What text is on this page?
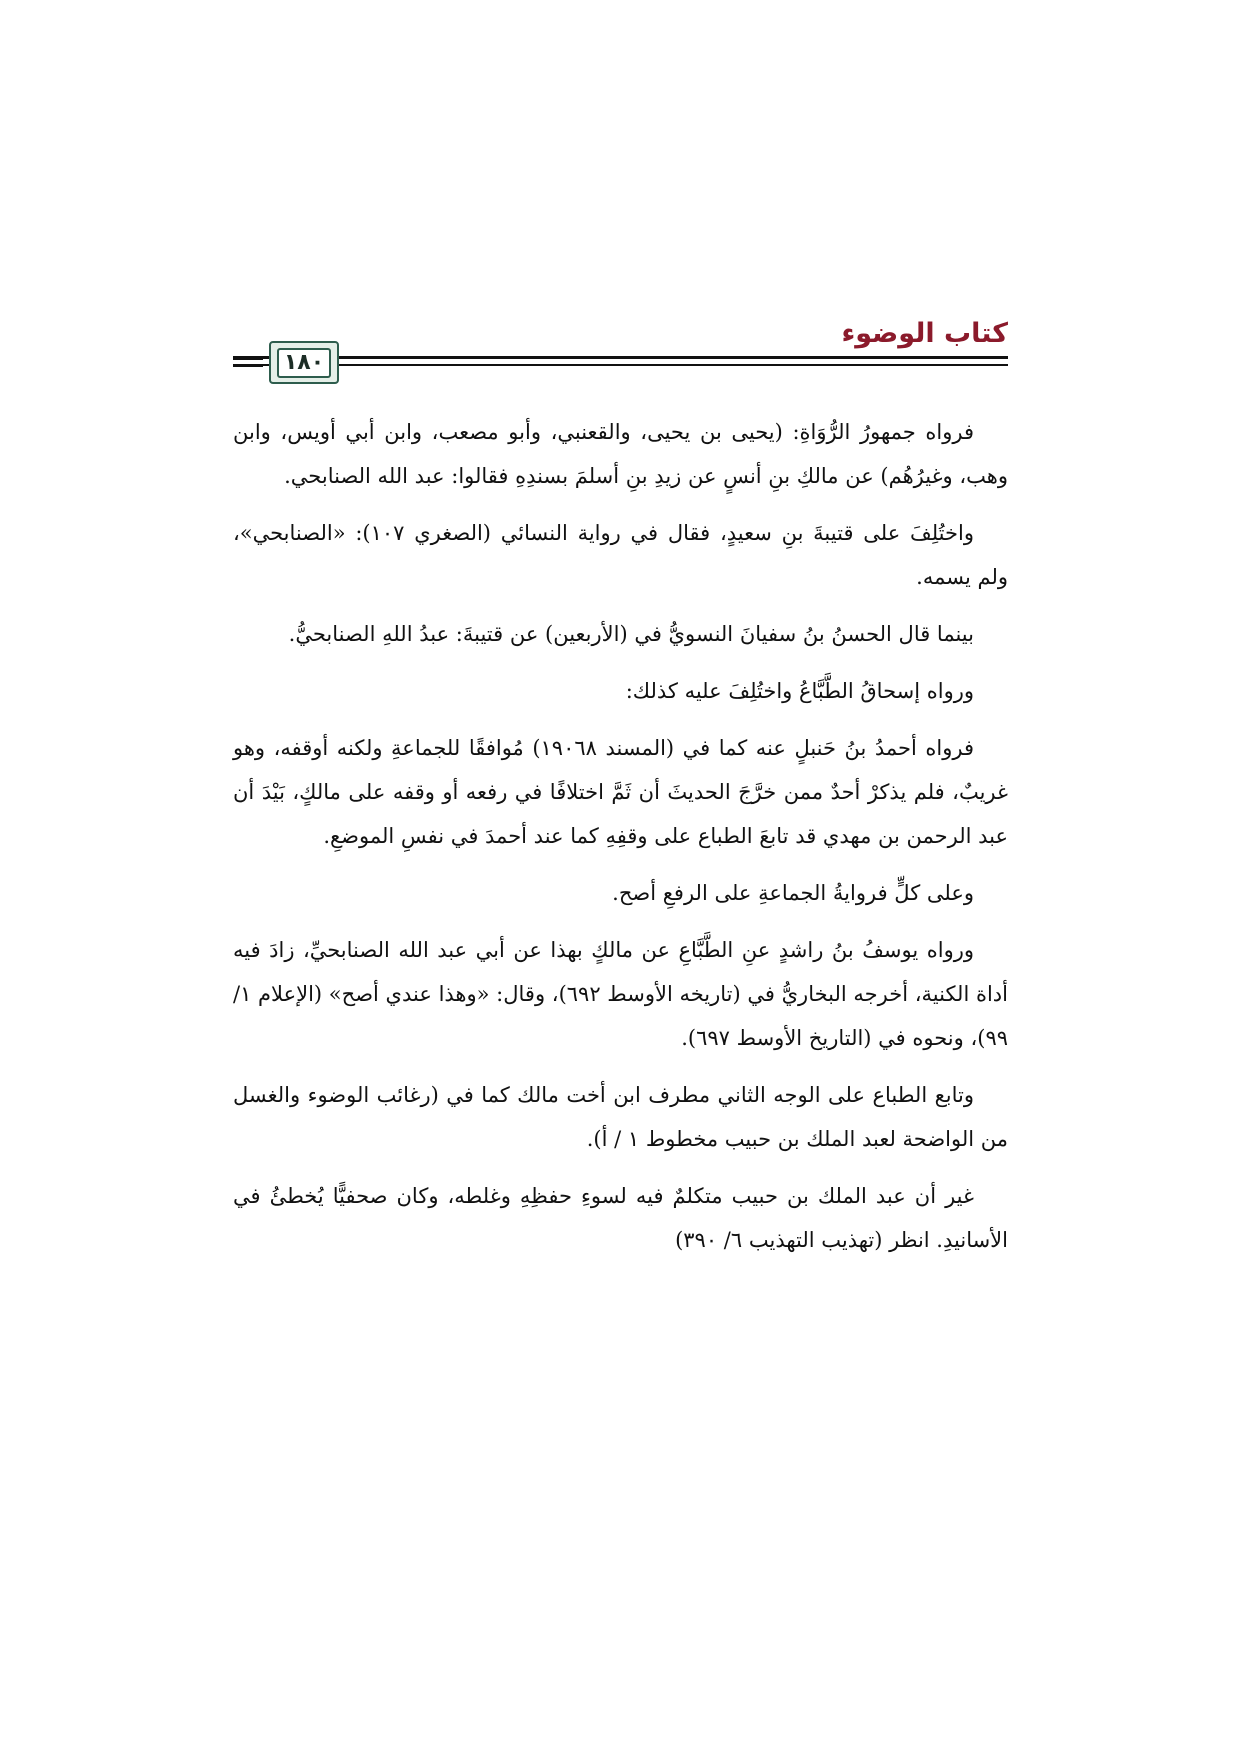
كتاب الوضوء
١٨٠

فرواه جمهورُ الرُّوَاةِ: (يحيى بن يحيى، والقعنبي، وأبو مصعب، وابن أبي أويس، وابن وهب، وغيرُهُم) عن مالكِ بنِ أنسٍ عن زيدِ بنِ أسلمَ بسندِهِ فقالوا: عبد الله الصنابحي.

واختُلِفَ على قتيبةَ بنِ سعيدٍ، فقال في رواية النسائي (الصغري ١٠٧): «الصنابحي»، ولم يسمه.

بينما قال الحسنُ بنُ سفيانَ النسويُّ في (الأربعين) عن قتيبةَ: عبدُ اللهِ الصنابحيُّ.

ورواه إسحاقُ الطَّبَّاعُ واختُلِفَ عليه كذلك:

فرواه أحمدُ بنُ حَنبلٍ عنه كما في (المسند ١٩٠٦٨) مُوافقًا للجماعةِ ولكنه أوقفه، وهو غريبٌ، فلم يذكرْ أحدٌ ممن خرَّجَ الحديثَ أن ثَمَّ اختلافًا في رفعه أو وقفه على مالكٍ، بَيْدَ أن عبد الرحمن بن مهدي قد تابعَ الطباع على وقفِهِ كما عند أحمدَ في نفسِ الموضعِ.

وعلى كلٍّ فروايةُ الجماعةِ على الرفعِ أصح.

ورواه يوسفُ بنُ راشدٍ عنِ الطَّبَّاعِ عن مالكٍ بهذا عن أبي عبد الله الصنابحيِّ، زادَ فيه أداة الكنية، أخرجه البخاريُّ في (تاريخه الأوسط ٦٩٢)، وقال: «وهذا عندي أصح» (الإعلام ١/ ٩٩)، ونحوه في (التاريخ الأوسط ٦٩٧).

وتابع الطباع على الوجه الثاني مطرف ابن أخت مالك كما في (رغائب الوضوء والغسل من الواضحة لعبد الملك بن حبيب مخطوط ١ / أ).

غير أن عبد الملك بن حبيب متكلمٌ فيه لسوءِ حفظِهِ وغلطه، وكان صحفيًّا يُخطئُ في الأسانيدِ. انظر (تهذيب التهذيب ٦/ ٣٩٠)
